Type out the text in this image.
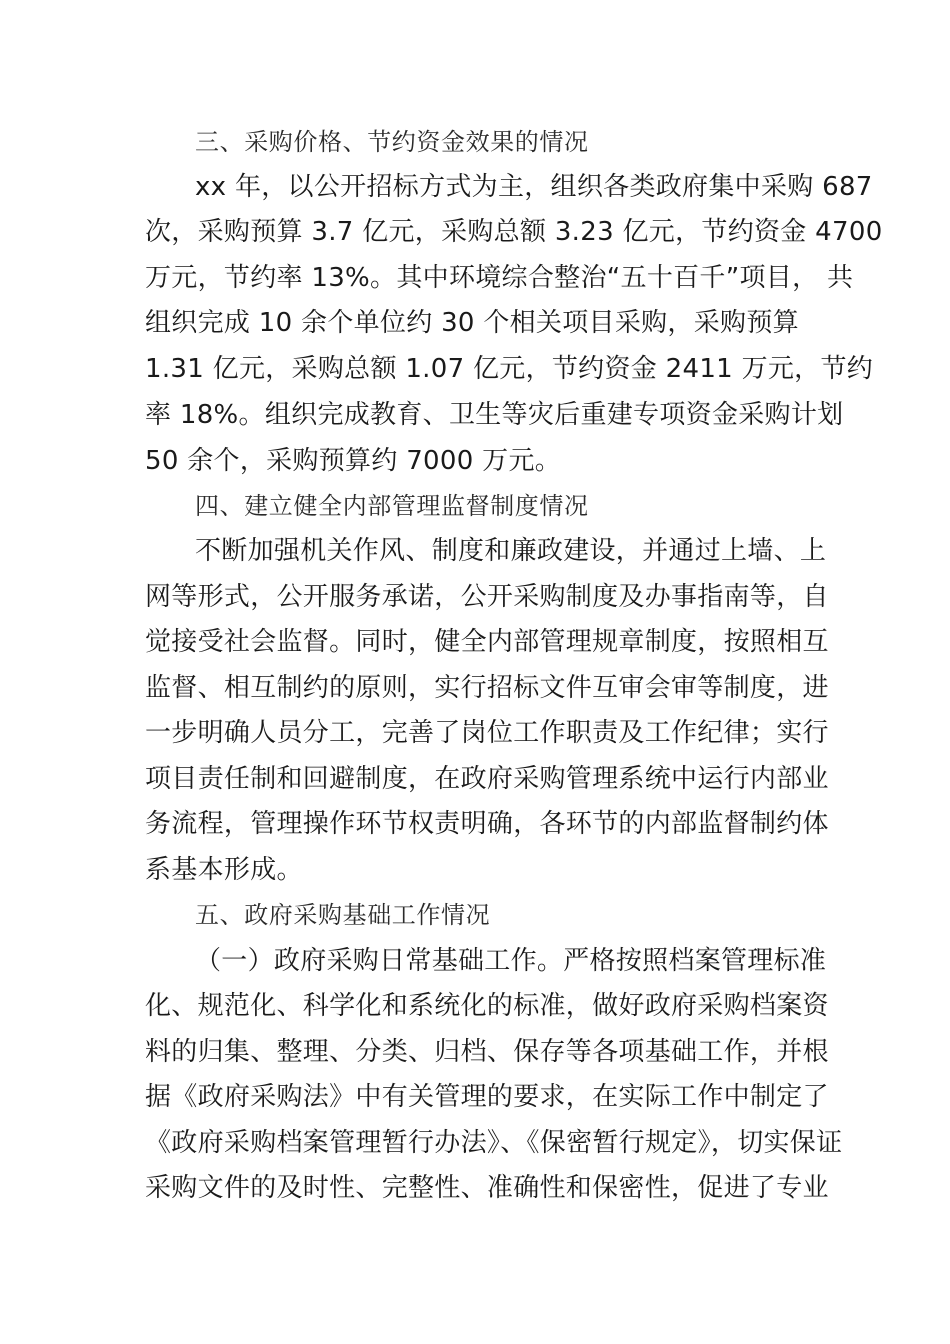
三、采购价格、节约资金效果的情况
xx 年，以公开招标方式为主，组织各类政府集中采购 687
次，采购预算 3.7 亿元，采购总额 3.23 亿元，节约资金 4700
万元，节约率 13%。其中环境综合整治“五十百千”项目， 共
组织完成 10 余个单位约 30 个相关项目采购，采购预算
1.31 亿元，采购总额 1.07 亿元，节约资金 2411 万元，节约
率 18%。组织完成教育、卫生等灾后重建专项资金采购计划
50 余个，采购预算约 7000 万元。
四、建立健全内部管理监督制度情况
不断加强机关作风、制度和廉政建设，并通过上墙、上
网等形式，公开服务承诺，公开采购制度及办事指南等，自
觉接受社会监督。同时，健全内部管理规章制度，按照相互
监督、相互制约的原则，实行招标文件互审会审等制度，进
一步明确人员分工，完善了岗位工作职责及工作纪律；实行
项目责任制和回避制度，在政府采购管理系统中运行内部业
务流程，管理操作环节权责明确，各环节的内部监督制约体
系基本形成。
五、政府采购基础工作情况
（一）政府采购日常基础工作。严格按照档案管理标准
化、规范化、科学化和系统化的标准，做好政府采购档案资
料的归集、整理、分类、归档、保存等各项基础工作，并根
据《政府采购法》中有关管理的要求，在实际工作中制定了
《政府采购档案管理暂行办法》、《保密暂行规定》，切实保证
采购文件的及时性、完整性、准确性和保密性，促进了专业
